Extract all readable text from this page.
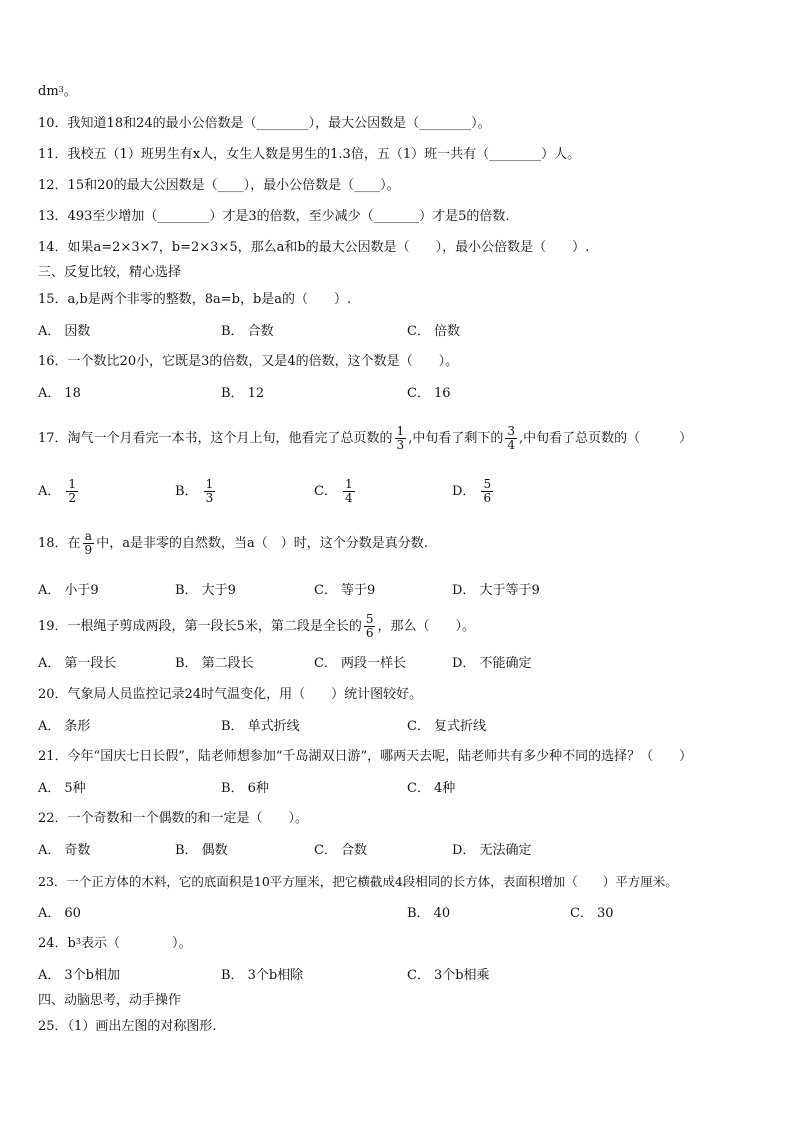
$dm^3$。
10．我知道18和24的最小公倍数是（________），最大公因数是（________）。
11．我校五（1）班男生有x人，女生人数是男生的1.3倍，五（1）班一共有（________）人。
12．15和20的最大公因数是（____），最小公倍数是（____）。
13．493至少增加（________）才是3的倍数，至少减少（_______）才是5的倍数.
14．如果a=2×3×7，b=2×3×5，那么a和b的最大公因数是（　　），最小公倍数是（　　）.
三、反复比较，精心选择
15．a,b是两个非零的整数，8a=b，b是a的（　　）.
A． 因数	B． 合数	C． 倍数
16．一个数比20小，它既是3的倍数，又是4的倍数，这个数是（　　）。
A． 18	B． 12	C． 16
17．淘气一个月看完一本书，这个月上旬，他看完了总页数的 $\frac{1}{3}$ ,中旬看了剩下的 $\frac{3}{4}$ ,中旬看了总页数的（　　　）
A． $\frac{1}{2}$	B． $\frac{1}{3}$	C． $\frac{1}{4}$	D． $\frac{5}{6}$
18．在 $\frac{a}{9}$ 中，a是非零的自然数，当a（　）时，这个分数是真分数.
A． 小于9	B． 大于9	C． 等于9	D． 大于等于9
19．一根绳子剪成两段，第一段长5米，第二段是全长的 $\frac{5}{6}$ ，那么（　　）。
A． 第一段长	B． 第二段长	C． 两段一样长	D． 不能确定
20．气象局人员监控记录24时气温变化，用（　　）统计图较好。
A． 条形	B． 单式折线	C． 复式折线
21．今年“国庆七日长假”，陆老师想参加“千岛湖双日游”，哪两天去呢，陆老师共有多少种不同的选择？（　　）
A． 5种	B． 6种	C． 4种
22．一个奇数和一个偶数的和一定是（　　）。
A． 奇数	B． 偶数	C． 合数	D． 无法确定
23．一个正方体的木料，它的底面积是10平方厘米，把它横截成4段相同的长方体，表面积增加（　　）平方厘米。
A． 60	B． 40	C． 30
24．$b^3$表示（　　　　）。
A． 3个b相加	B． 3个b相除	C． 3个b相乘
四、动脑思考，动手操作
25．（1）画出左图的对称图形.
